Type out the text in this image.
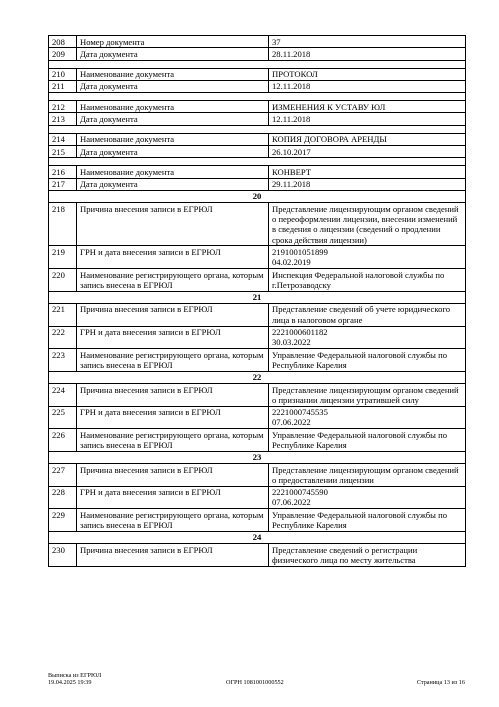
208	Номер документа	37

209	Дата документа	28.11.2018

210	Наименование документа	ПРОТОКОЛ

211	Дата документа	12.11.2018

212	Наименование документа	ИЗМЕНЕНИЯ К УСТАВУ ЮЛ

213	Дата документа	12.11.2018

214	Наименование документа	КОПИЯ ДОГОВОРА АРЕНДЫ

215	Дата документа	26.10.2017

216	Наименование документа	КОНВЕРТ

217	Дата документа	29.11.2018

20		
218	Причина внесения записи в ЕГРЮЛ	Представление лицензирующим органом сведений о переоформлении лицензии, внесении изменений в сведения о лицензии (сведений о продлении срока действия лицензии)

219	ГРН и дата внесения записи в ЕГРЮЛ	2191001051899
04.02.2019

220	Наименование регистрирующего органа, которым запись внесена в ЕГРЮЛ	Инспекция Федеральной налоговой службы по г.Петрозаводску

21		
221	Причина внесения записи в ЕГРЮЛ	Представление сведений об учете юридического лица в налоговом органе

222	ГРН и дата внесения записи в ЕГРЮЛ	2221000601182
30.03.2022

223	Наименование регистрирующего органа, которым запись внесена в ЕГРЮЛ	Управление Федеральной налоговой службы по Республике Карелия

22		
224	Причина внесения записи в ЕГРЮЛ	Представление лицензирующим органом сведений о признании лицензии утратившей силу

225	ГРН и дата внесения записи в ЕГРЮЛ	2221000745535
07.06.2022

226	Наименование регистрирующего органа, которым запись внесена в ЕГРЮЛ	Управление Федеральной налоговой службы по Республике Карелия

23		
227	Причина внесения записи в ЕГРЮЛ	Представление лицензирующим органом сведений о предоставлении лицензии

228	ГРН и дата внесения записи в ЕГРЮЛ	2221000745590
07.06.2022

229	Наименование регистрирующего органа, которым запись внесена в ЕГРЮЛ	Управление Федеральной налоговой службы по Республике Карелия

24		
230	Причина внесения записи в ЕГРЮЛ	Представление сведений о регистрации физического лица по месту жительства
Выписка из ЕГРЮЛ
19.04.2025 19:39	ОГРН 1081001000552	Страница 13 из 16
